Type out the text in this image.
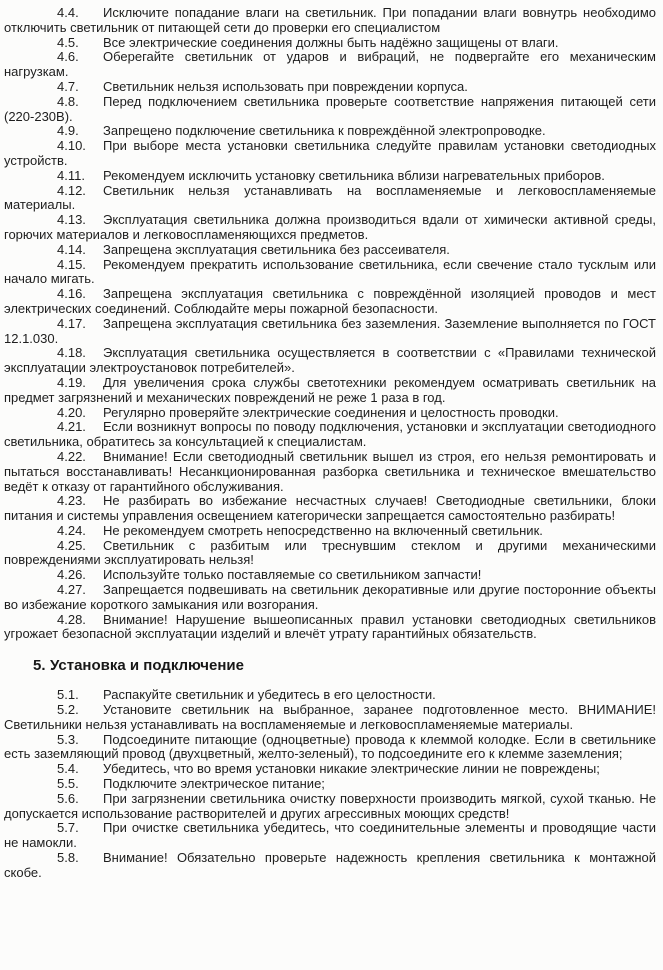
4.4. Исключите попадание влаги на светильник. При попадании влаги вовнутрь необходимо отключить светильник от питающей сети до проверки его специалистом

4.5. Все электрические соединения должны быть надёжно защищены от влаги.

4.6. Оберегайте светильник от ударов и вибраций, не подвергайте его механическим нагрузкам.

4.7. Светильник нельзя использовать при повреждении корпуса.

4.8. Перед подключением светильника проверьте соответствие напряжения питающей сети (220-230В).

4.9. Запрещено подключение светильника к повреждённой электропроводке.

4.10. При выборе места установки светильника следуйте правилам установки светодиодных устройств.

4.11. Рекомендуем исключить установку светильника вблизи нагревательных приборов.

4.12. Светильник нельзя устанавливать на воспламеняемые и легковоспламеняемые материалы.

4.13. Эксплуатация светильника должна производиться вдали от химически активной среды, горючих материалов и легковоспламеняющихся предметов.

4.14. Запрещена эксплуатация светильника без рассеивателя.

4.15. Рекомендуем прекратить использование светильника, если свечение стало тусклым или начало мигать.

4.16. Запрещена эксплуатация светильника с повреждённой изоляцией проводов и мест электрических соединений. Соблюдайте меры пожарной безопасности.

4.17. Запрещена эксплуатация светильника без заземления. Заземление выполняется по ГОСТ 12.1.030.

4.18. Эксплуатация светильника осуществляется в соответствии с «Правилами технической эксплуатации электроустановок потребителей».

4.19. Для увеличения срока службы светотехники рекомендуем осматривать светильник на предмет загрязнений и механических повреждений не реже 1 раза в год.

4.20. Регулярно проверяйте электрические соединения и целостность проводки.

4.21. Если возникнут вопросы по поводу подключения, установки и эксплуатации светодиодного светильника, обратитесь за консультацией к специалистам.

4.22. Внимание! Если светодиодный светильник вышел из строя, его нельзя ремонтировать и пытаться восстанавливать! Несанкционированная разборка светильника и техническое вмешательство ведёт к отказу от гарантийного обслуживания.

4.23. Не разбирать во избежание несчастных случаев! Светодиодные светильники, блоки питания и системы управления освещением категорически запрещается самостоятельно разбирать!

4.24. Не рекомендуем смотреть непосредственно на включенный светильник.

4.25. Светильник с разбитым или треснувшим стеклом и другими механическими повреждениями эксплуатировать нельзя!

4.26. Используйте только поставляемые со светильником запчасти!

4.27. Запрещается подвешивать на светильник декоративные или другие посторонние объекты во избежание короткого замыкания или возгорания.

4.28. Внимание! Нарушение вышеописанных правил установки светодиодных светильников угрожает безопасной эксплуатации изделий и влечёт утрату гарантийных обязательств.

5. Установка и подключение

5.1. Распакуйте светильник и убедитесь в его целостности.

5.2. Установите светильник на выбранное, заранее подготовленное место. ВНИМАНИЕ! Светильники нельзя устанавливать на воспламеняемые и легковоспламеняемые материалы.

5.3. Подсоедините питающие (одноцветные) провода к клеммой колодке. Если в светильнике есть заземляющий провод (двухцветный, желто-зеленый), то подсоедините его к клемме заземления;

5.4. Убедитесь, что во время установки никакие электрические линии не повреждены;

5.5. Подключите электрическое питание;

5.6. При загрязнении светильника очистку поверхности производить мягкой, сухой тканью. Не допускается использование растворителей и других агрессивных моющих средств!

5.7. При очистке светильника убедитесь, что соединительные элементы и проводящие части не намокли.

5.8. Внимание! Обязательно проверьте надежность крепления светильника к монтажной скобе.
